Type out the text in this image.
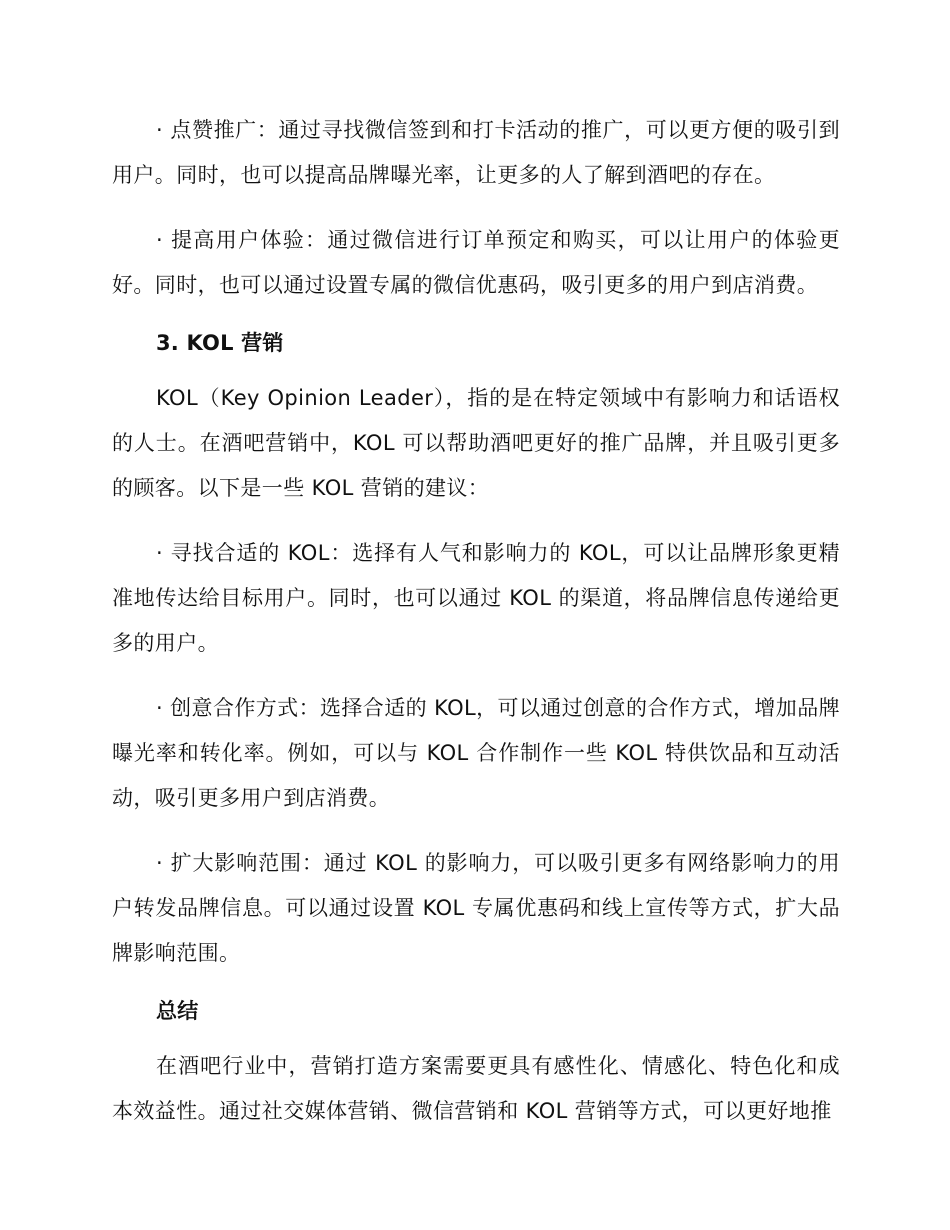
· 点赞推广：通过寻找微信签到和打卡活动的推广，可以更方便的吸引到用户。同时，也可以提高品牌曝光率，让更多的人了解到酒吧的存在。

· 提高用户体验：通过微信进行订单预定和购买，可以让用户的体验更好。同时，也可以通过设置专属的微信优惠码，吸引更多的用户到店消费。

3. KOL 营销

KOL（Key Opinion Leader），指的是在特定领域中有影响力和话语权的人士。在酒吧营销中，KOL 可以帮助酒吧更好的推广品牌，并且吸引更多的顾客。以下是一些 KOL 营销的建议：

· 寻找合适的 KOL：选择有人气和影响力的 KOL，可以让品牌形象更精准地传达给目标用户。同时，也可以通过 KOL 的渠道，将品牌信息传递给更多的用户。

· 创意合作方式：选择合适的 KOL，可以通过创意的合作方式，增加品牌曝光率和转化率。例如，可以与 KOL 合作制作一些 KOL 特供饮品和互动活动，吸引更多用户到店消费。

· 扩大影响范围：通过 KOL 的影响力，可以吸引更多有网络影响力的用户转发品牌信息。可以通过设置 KOL 专属优惠码和线上宣传等方式，扩大品牌影响范围。

总结

在酒吧行业中，营销打造方案需要更具有感性化、情感化、特色化和成本效益性。通过社交媒体营销、微信营销和 KOL 营销等方式，可以更好地推
